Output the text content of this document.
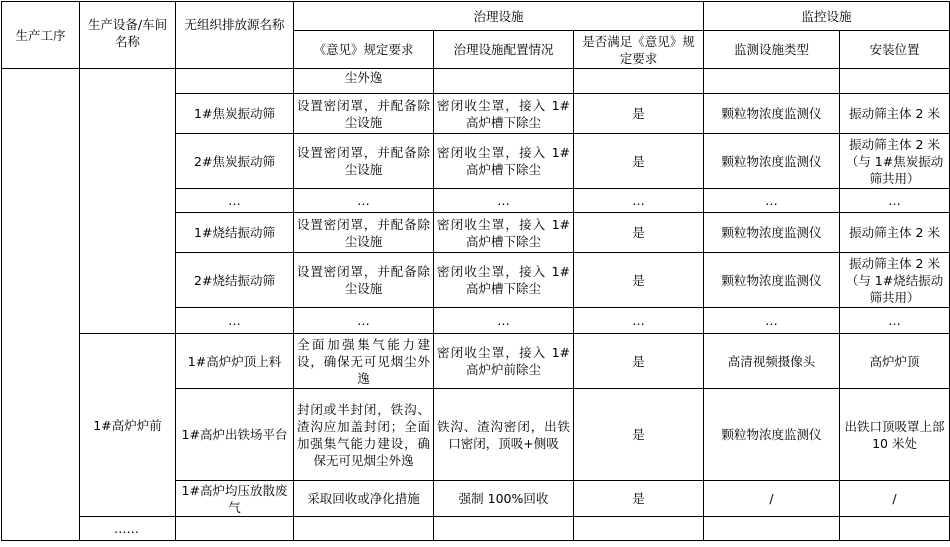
生产工序	生产设备/车间名称	无组织排放源名称	治理设施			监控设施	
			《意见》规定要求	治理设施配置情况	是否满足《意见》规定要求	监测设施类型	安装位置
			尘外逸				
		1#焦炭振动筛	设置密闭罩，并配备除尘设施	密闭收尘罩，接入 1#高炉槽下除尘	是	颗粒物浓度监测仪	振动筛主体 2 米
		2#焦炭振动筛	设置密闭罩，并配备除尘设施	密闭收尘罩，接入 1#高炉槽下除尘	是	颗粒物浓度监测仪	振动筛主体 2 米（与 1#焦炭振动筛共用）
		…	…	…	…	…	…
		1#烧结振动筛	设置密闭罩，并配备除尘设施	密闭收尘罩，接入 1#高炉槽下除尘	是	颗粒物浓度监测仪	振动筛主体 2 米
		2#烧结振动筛	设置密闭罩，并配备除尘设施	密闭收尘罩，接入 1#高炉槽下除尘	是	颗粒物浓度监测仪	振动筛主体 2 米（与 1#烧结振动筛共用）
		…	…	…	…	…	…
	1#高炉炉前	1#高炉炉顶上料	全面加强集气能力建设，确保无可见烟尘外逸	密闭收尘罩，接入 1#高炉炉前除尘	是	高清视频摄像头	高炉炉顶
		1#高炉出铁场平台	封闭或半封闭，铁沟、渣沟应加盖封闭；全面加强集气能力建设，确保无可见烟尘外逸	铁沟、渣沟密闭，出铁口密闭，顶吸+侧吸	是	颗粒物浓度监测仪	出铁口顶吸罩上部 10 米处
		1#高炉均压放散废气	采取回收或净化措施	强制 100%回收	是	/	/
	……						
